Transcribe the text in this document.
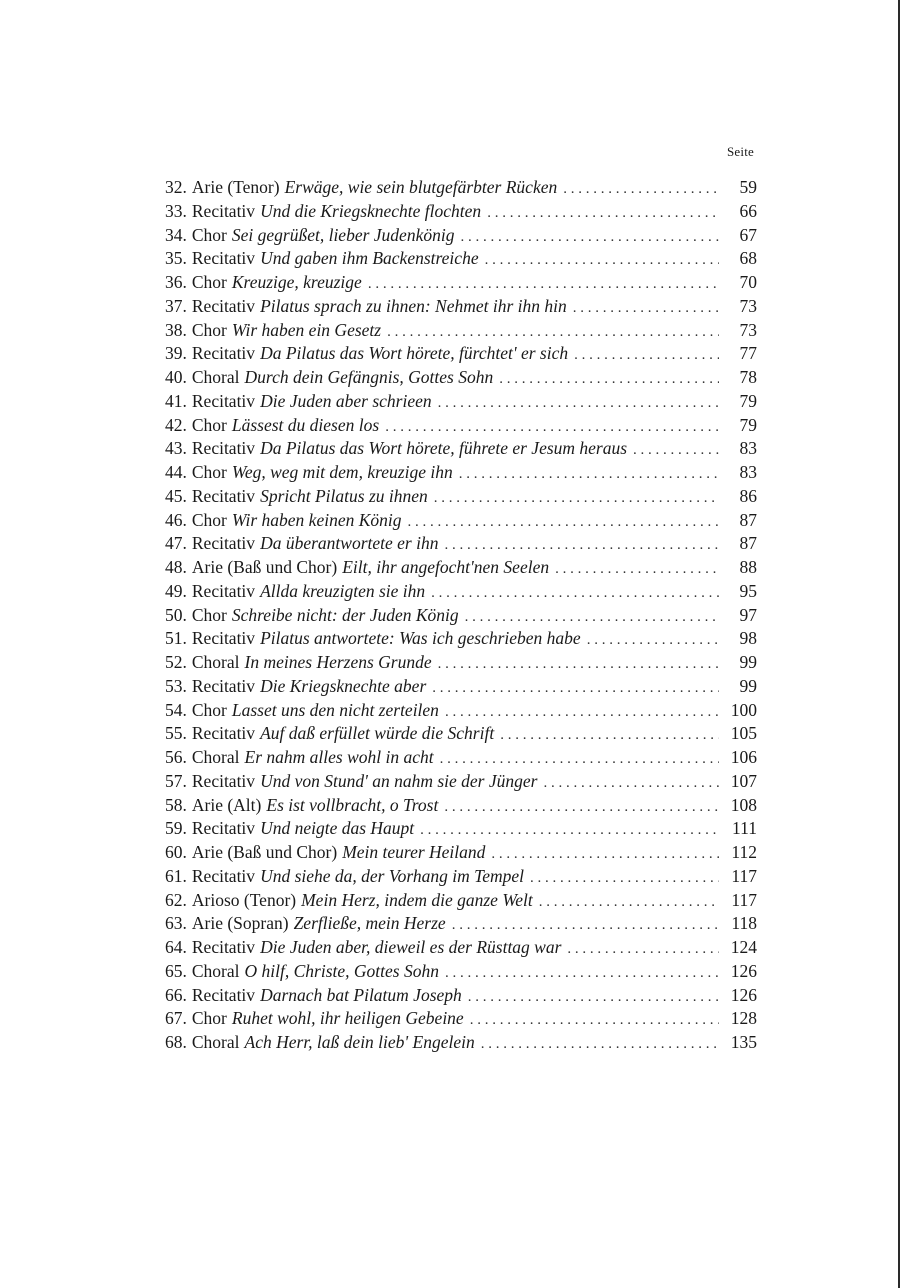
Seite
32. Arie (Tenor) Erwäge, wie sein blutgefärbter Rücken . . .	59
33. Recitativ Und die Kriegsknechte flochten . . .	66
34. Chor Sei gegrüßet, lieber Judenkönig . . .	67
35. Recitativ Und gaben ihm Backenstreiche . . .	68
36. Chor Kreuzige, kreuzige . . .	70
37. Recitativ Pilatus sprach zu ihnen: Nehmet ihr ihn hin . . .	73
38. Chor Wir haben ein Gesetz . . .	73
39. Recitativ Da Pilatus das Wort hörete, fürchtet' er sich . . .	77
40. Choral Durch dein Gefängnis, Gottes Sohn . . .	78
41. Recitativ Die Juden aber schrieen . . .	79
42. Chor Lässest du diesen los . . .	79
43. Recitativ Da Pilatus das Wort hörete, führete er Jesum heraus . . .	83
44. Chor Weg, weg mit dem, kreuzige ihn . . .	83
45. Recitativ Spricht Pilatus zu ihnen . . .	86
46. Chor Wir haben keinen König . . .	87
47. Recitativ Da überantwortete er ihn . . .	87
48. Arie (Baß und Chor) Eilt, ihr angefocht'nen Seelen . . .	88
49. Recitativ Allda kreuzigten sie ihn . . .	95
50. Chor Schreibe nicht: der Juden König . . .	97
51. Recitativ Pilatus antwortete: Was ich geschrieben habe . . .	98
52. Choral In meines Herzens Grunde . . .	99
53. Recitativ Die Kriegsknechte aber . . .	99
54. Chor Lasset uns den nicht zerteilen . . .	100
55. Recitativ Auf daß erfüllet würde die Schrift . . .	105
56. Choral Er nahm alles wohl in acht . . .	106
57. Recitativ Und von Stund' an nahm sie der Jünger . . .	107
58. Arie (Alt) Es ist vollbracht, o Trost . . .	108
59. Recitativ Und neigte das Haupt . . .	111
60. Arie (Baß und Chor) Mein teurer Heiland . . .	112
61. Recitativ Und siehe da, der Vorhang im Tempel . . .	117
62. Arioso (Tenor) Mein Herz, indem die ganze Welt . . .	117
63. Arie (Sopran) Zerfließe, mein Herze . . .	118
64. Recitativ Die Juden aber, dieweil es der Rüsttag war . . .	124
65. Choral O hilf, Christe, Gottes Sohn . . .	126
66. Recitativ Darnach bat Pilatum Joseph . . .	126
67. Chor Ruhet wohl, ihr heiligen Gebeine . . .	128
68. Choral Ach Herr, laß dein lieb' Engelein . . .	135
